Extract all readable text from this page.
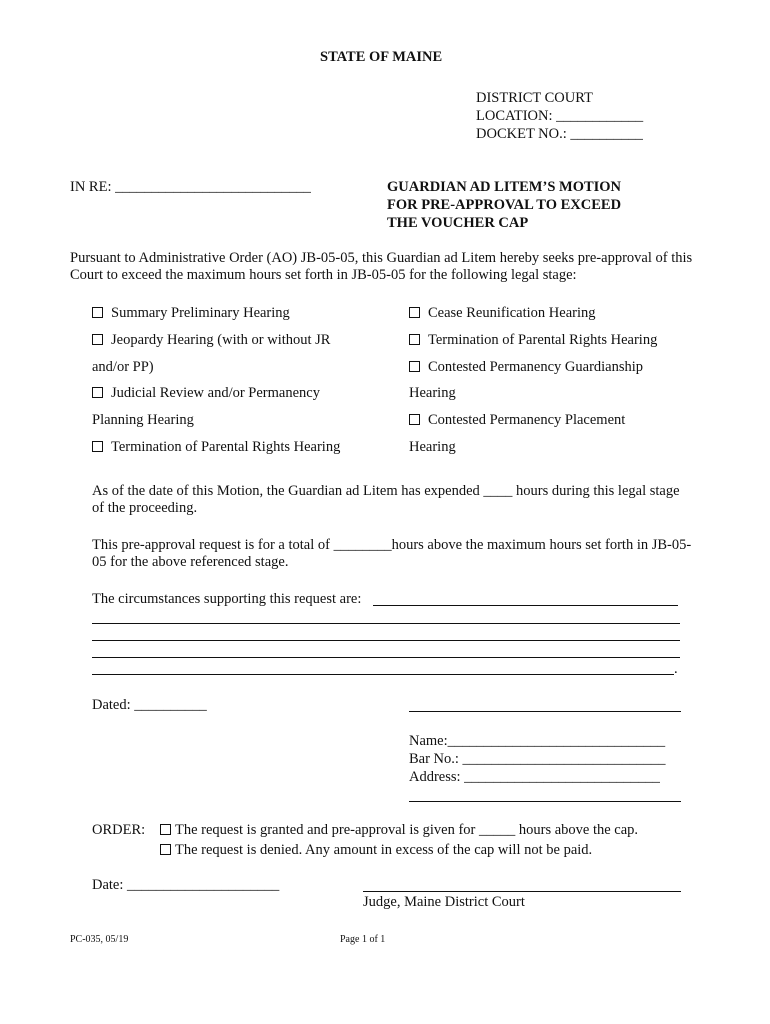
STATE OF MAINE
DISTRICT COURT
LOCATION: ____________
DOCKET NO.: __________
IN RE: ___________________________	GUARDIAN AD LITEM’S MOTION
FOR PRE-APPROVAL TO EXCEED
THE VOUCHER CAP
Pursuant to Administrative Order (AO) JB-05-05, this Guardian ad Litem hereby seeks pre-approval of this Court to exceed the maximum hours set forth in JB-05-05 for the following legal stage:
Summary Preliminary Hearing
Jeopardy Hearing (with or without JR
and/or PP)
Judicial Review and/or Permanency
Planning Hearing
Termination of Parental Rights Hearing
Cease Reunification Hearing
Termination of Parental Rights Hearing
Contested Permanency Guardianship
Hearing
Contested Permanency Placement
Hearing
As of the date of this Motion, the Guardian ad Litem has expended ____ hours during this legal stage of the proceeding.
This pre-approval request is for a total of ________hours above the maximum hours set forth in JB-05-05 for the above referenced stage.
The circumstances supporting this request are:
.
Dated: __________
Name:______________________________
Bar No.: ____________________________
Address: ___________________________
ORDER:	The request is granted and pre-approval is given for _____ hours above the cap.
The request is denied. Any amount in excess of the cap will not be paid.
Date: _____________________
Judge, Maine District Court
PC-035, 05/19	Page 1 of 1
